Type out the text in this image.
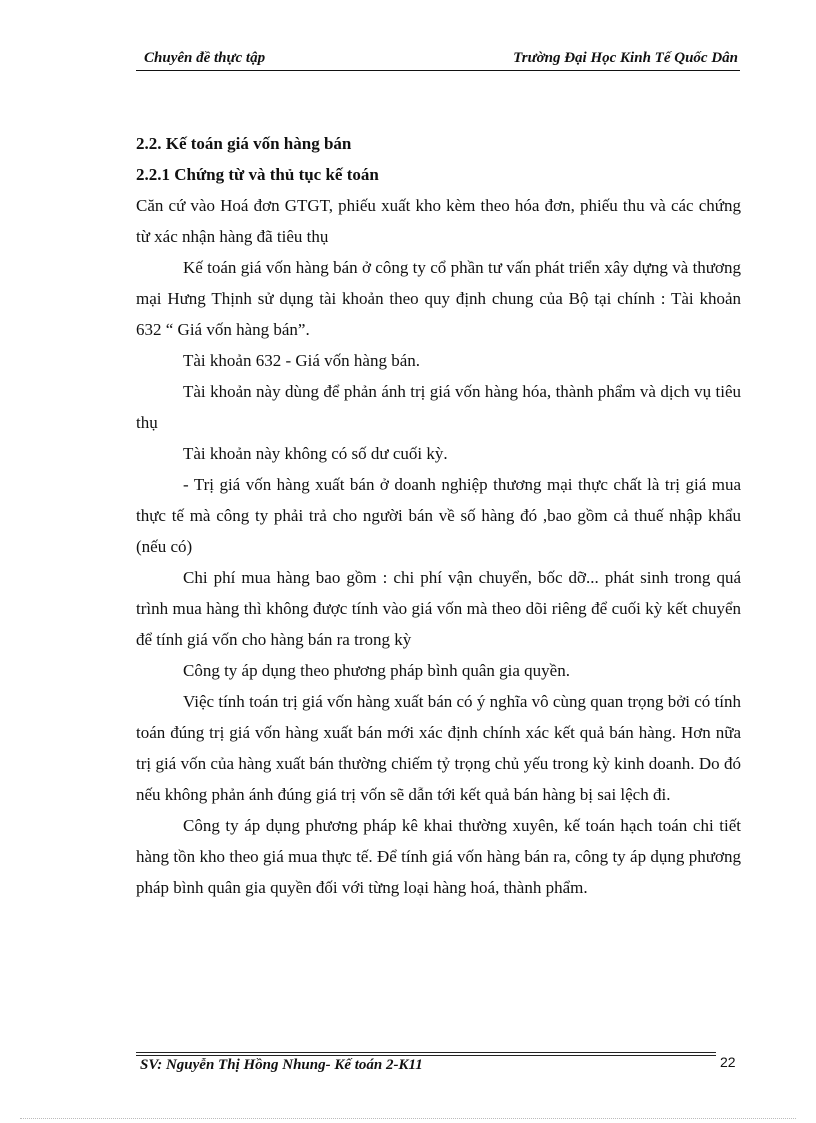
Chuyên đề thực tập	Trường Đại Học Kinh Tế Quốc Dân

2.2. Kế toán giá vốn hàng bán

2.2.1 Chứng từ và thủ tục kế toán

Căn cứ vào Hoá đơn GTGT, phiếu xuất kho kèm theo hóa đơn, phiếu thu và các chứng từ xác nhận hàng đã tiêu thụ

Kế toán giá vốn hàng bán ở công ty cổ phần tư vấn phát triển xây dựng và thương mại Hưng Thịnh sử dụng tài khoản theo quy định chung của Bộ tại chính : Tài khoản 632 “ Giá vốn hàng bán”.

Tài khoản 632 - Giá vốn hàng bán.

Tài khoản này dùng để phản ánh trị giá vốn hàng hóa, thành phẩm và dịch vụ tiêu thụ

Tài khoản này không có số dư cuối kỳ.

- Trị giá vốn hàng xuất bán ở doanh nghiệp thương mại thực chất là trị giá mua thực tế mà công ty phải trả cho người bán về số hàng đó ,bao gồm cả thuế nhập khẩu (nếu có)

Chi phí mua hàng bao gồm : chi phí vận chuyển, bốc dỡ... phát sinh trong quá trình mua hàng thì không được tính vào giá vốn mà theo dõi riêng để cuối kỳ kết chuyển để tính giá vốn cho hàng bán ra trong kỳ

Công ty áp dụng theo phương pháp bình quân gia quyền.

Việc tính toán trị giá vốn hàng xuất bán có ý nghĩa vô cùng quan trọng bởi có tính toán đúng trị giá vốn hàng xuất bán mới xác định chính xác kết quả bán hàng. Hơn nữa trị giá vốn của hàng xuất bán thường chiếm tỷ trọng chủ yếu trong kỳ kinh doanh. Do đó nếu không phản ánh đúng giá trị vốn sẽ dẫn tới kết quả bán hàng bị sai lệch đi.

Công ty áp dụng phương pháp kê khai thường xuyên, kế toán hạch toán chi tiết hàng tồn kho theo giá mua thực tế. Để tính giá vốn hàng bán ra, công ty áp dụng phương pháp bình quân gia quyền đối với từng loại hàng hoá, thành phẩm.

SV: Nguyễn Thị Hồng Nhung- Kế toán 2-K11	22
